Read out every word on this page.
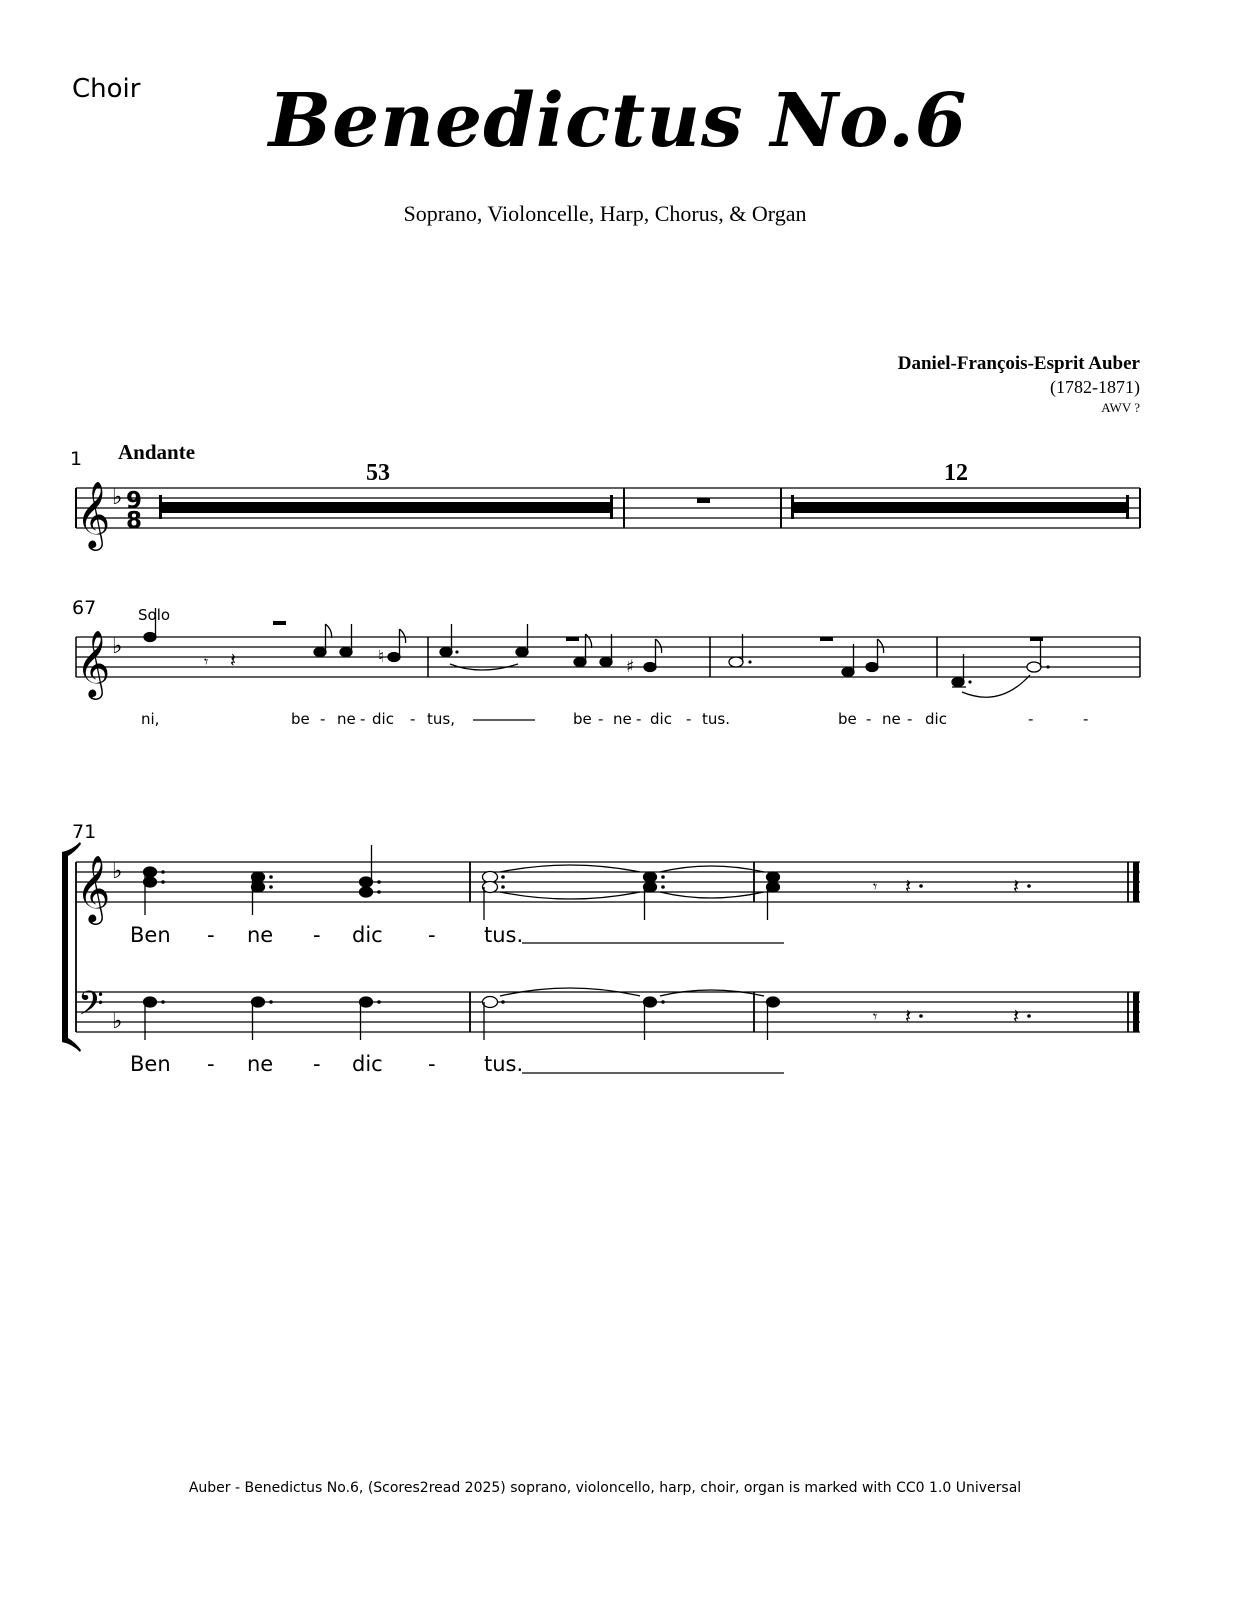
Choir	Benedictus No.6
Soprano, Violoncelle, Harp, Chorus, & Organ
Daniel-François-Esprit Auber
(1782-1871)
AWV ?
1 Andante
53	12
67	Solo
71
ni,	be - ne - dic - tus,	be - ne - dic - tus.	be - ne - dic	-	-
Ben - ne - dic - tus.
Ben - ne - dic - tus.
Auber - Benedictus No.6, (Scores2read 2025) soprano, violoncello, harp, choir, organ is marked with CC0 1.0 Universal
𝄞
𝄞
𝄞
𝄢
♭
♭
♭
♭
9
8
𝄾 𝄽	♮	♯
𝄾 𝄽	𝄽
𝄾 𝄽	𝄽
